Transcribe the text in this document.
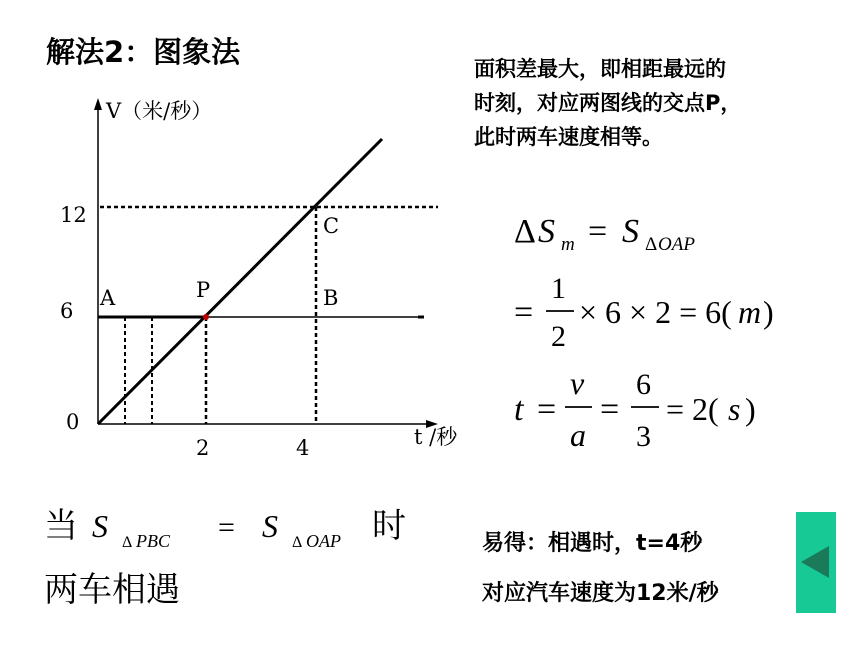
解法2：图象法	面积差最大，即相距最远的
时刻，对应两图线的交点P，
此时两车速度相等。
V（米/秒）
t /秒
0
12
6
2	4
A	P	B
C	Δ S m = S Δ OAP
=
1
2
× 6 × 2 = 6( m )
t =
v
a
=
6
3
= 2( s )
当 S Δ PBC = S Δ OAP 时
两车相遇
易得：相遇时，t=4秒
对应汽车速度为12米/秒
